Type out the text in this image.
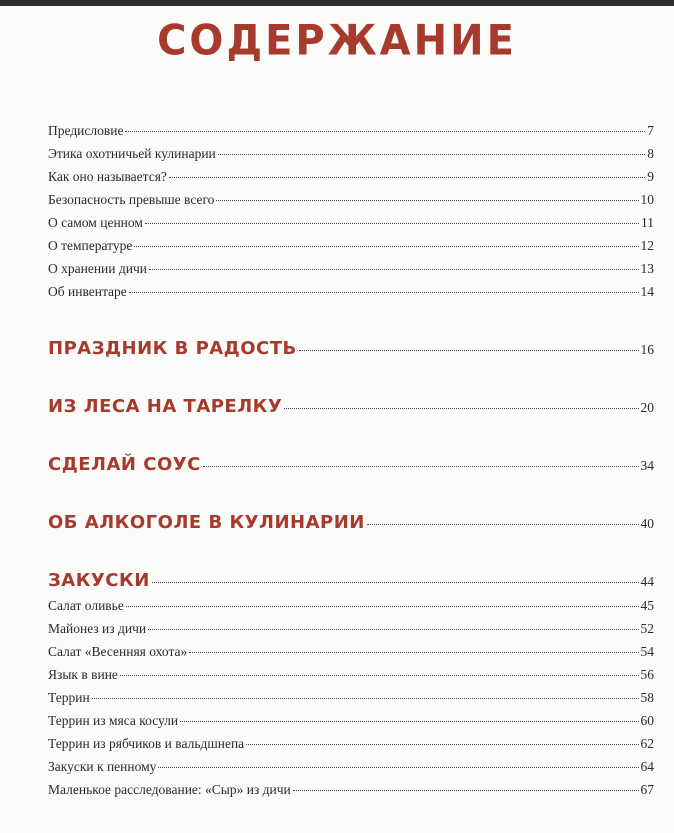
СОДЕРЖАНИЕ
Предисловие	7
Этика охотничьей кулинарии	8
Как оно называется?	9
Безопасность превыше всего	10
О самом ценном	11
О температуре	12
О хранении дичи	13
Об инвентаре	14
ПРАЗДНИК В РАДОСТЬ	16
ИЗ ЛЕСА НА ТАРЕЛКУ	20
СДЕЛАЙ СОУС	34
ОБ АЛКОГОЛЕ В КУЛИНАРИИ	40
ЗАКУСКИ	44
Салат оливье	45
Майонез из дичи	52
Салат «Весенняя охота»	54
Язык в вине	56
Террин	58
Террин из мяса косули	60
Террин из рябчиков и вальдшнепа	62
Закуски к пенному	64
Маленькое расследование: «Сыр» из дичи	67
